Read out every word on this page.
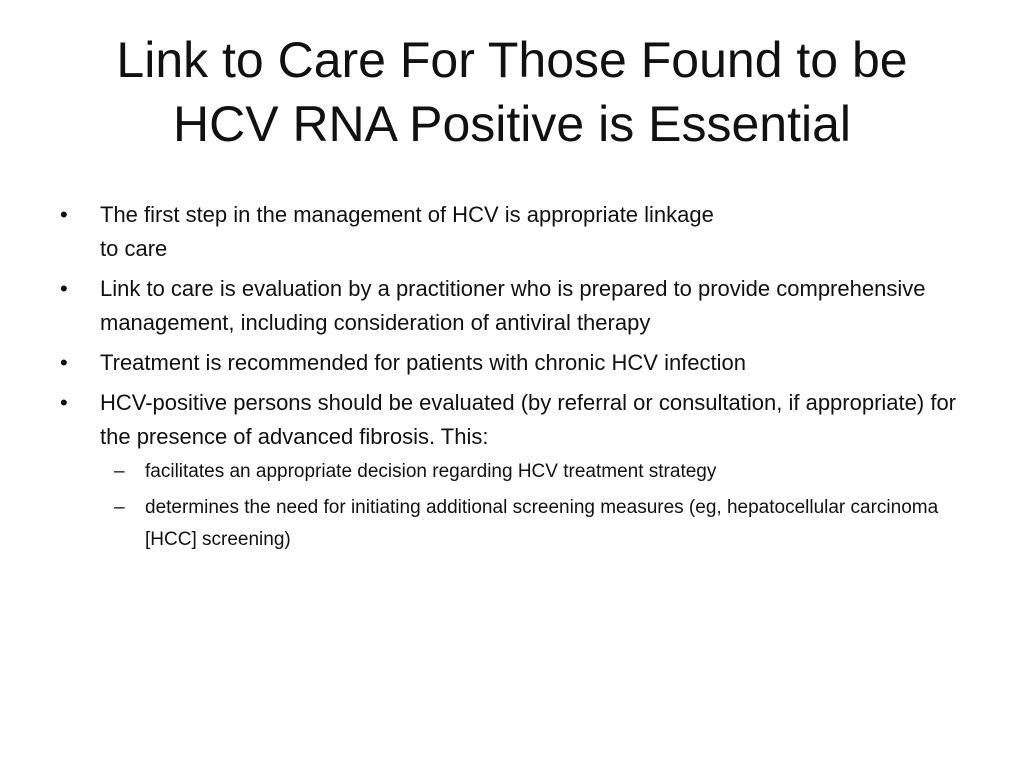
Link to Care For Those Found to be
HCV RNA Positive is Essential
•	The first step in the management of HCV is appropriate linkage
to care
•	Link to care is evaluation by a practitioner who is prepared to provide comprehensive management, including consideration of antiviral therapy
•	Treatment is recommended for patients with chronic HCV infection
•	HCV-positive persons should be evaluated (by referral or consultation, if appropriate) for the presence of advanced fibrosis. This:
–	facilitates an appropriate decision regarding HCV treatment strategy
–	determines the need for initiating additional screening measures (eg, hepatocellular carcinoma [HCC] screening)
